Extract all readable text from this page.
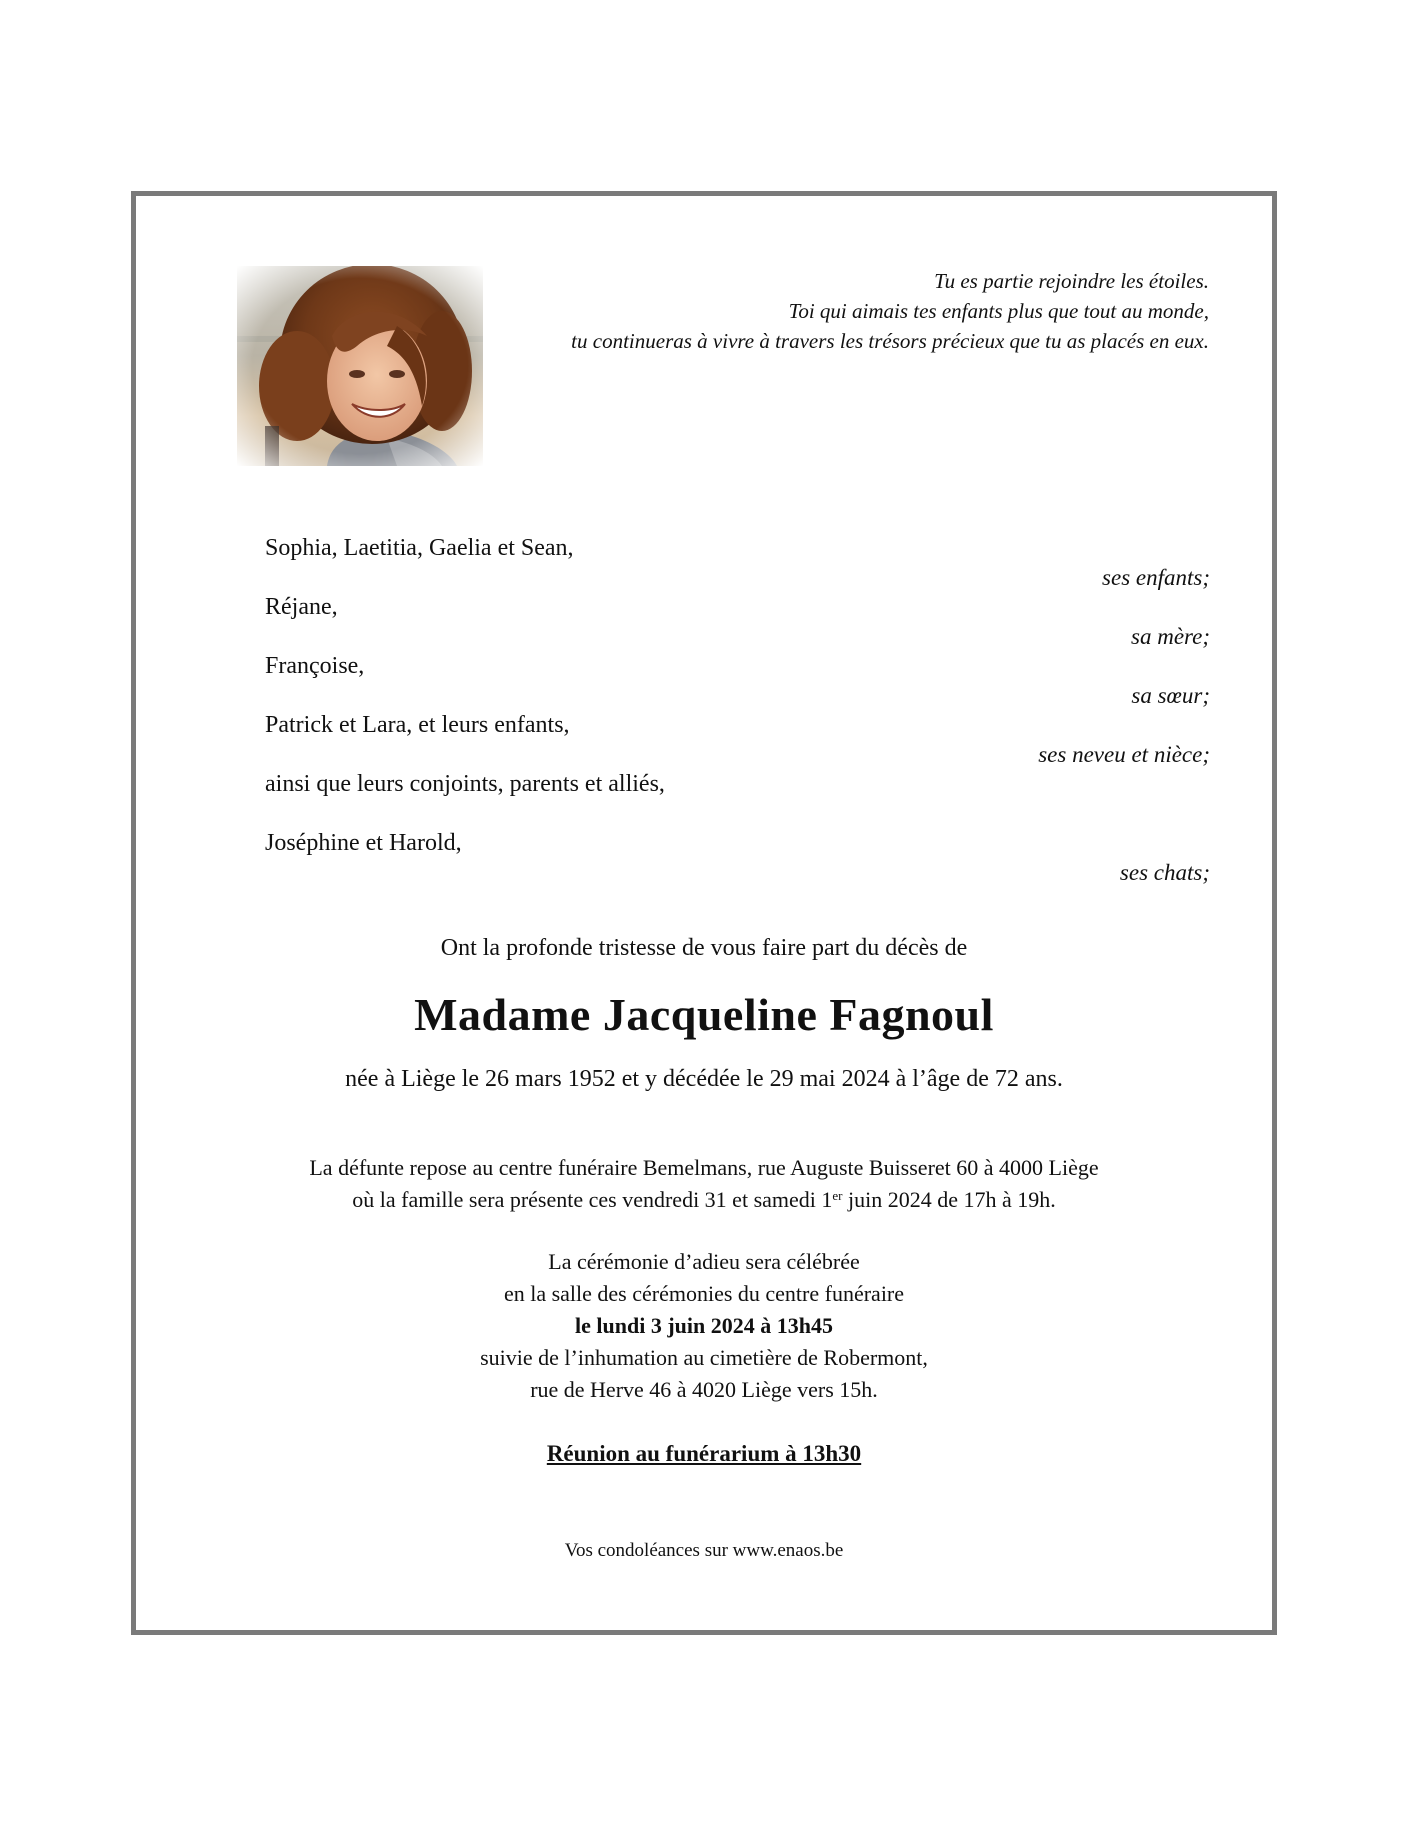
Tu es partie rejoindre les étoiles.
Toi qui aimais tes enfants plus que tout au monde,
tu continueras à vivre à travers les trésors précieux que tu as placés en eux.
Sophia, Laetitia, Gaelia et Sean,
ses enfants;
Réjane,
sa mère;
Françoise,
sa sœur;
Patrick et Lara, et leurs enfants,
ses neveu et nièce;
ainsi que leurs conjoints, parents et alliés,
Joséphine et Harold,
ses chats;
Ont la profonde tristesse de vous faire part du décès de
Madame Jacqueline Fagnoul
née à Liège le 26 mars 1952 et y décédée le 29 mai 2024 à l’âge de 72 ans.
La défunte repose au centre funéraire Bemelmans, rue Auguste Buisseret 60 à 4000 Liège
où la famille sera présente ces vendredi 31 et samedi 1er juin 2024 de 17h à 19h.
La cérémonie d’adieu sera célébrée
en la salle des cérémonies du centre funéraire
le lundi 3 juin 2024 à 13h45
suivie de l’inhumation au cimetière de Robermont,
rue de Herve 46 à 4020 Liège vers 15h.
Réunion au funérarium à 13h30
Vos condoléances sur www.enaos.be
